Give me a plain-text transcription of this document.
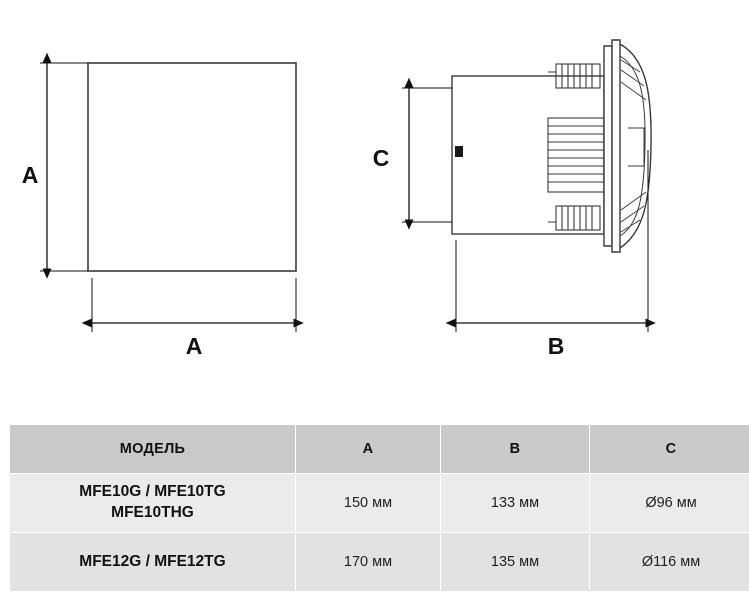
A
A
C
B
МОДЕЛЬ	A	B	C
MFE10G / MFE10TG
MFE10THG	150 мм	133 мм	Ø96 мм
MFE12G / MFE12TG	170 мм	135 мм	Ø116 мм
